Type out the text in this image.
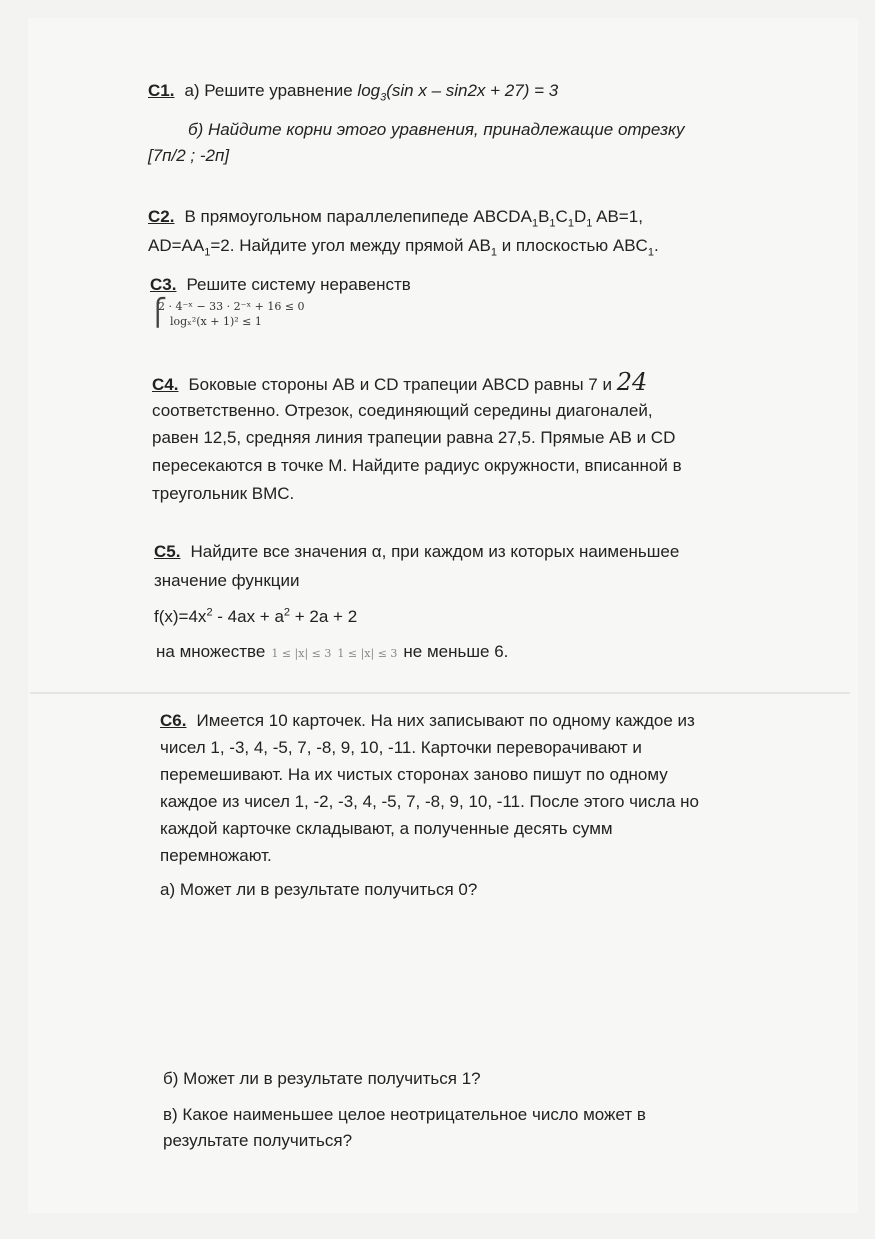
С1. а) Решите уравнение $\log_3(\sin$ x – sin2x + 27) = 3
б) Найдите корни этого уравнения, принадлежащие отрезку
[7п/2 ; -2п]
С2. В прямоугольном параллелепипеде $ABCDA_1B_1C_1D_1$ AB=1,
$AD=AA_1=2$. Найдите угол между прямой $AB_1$ и плоскостью $ABC_1$.
С3. Решите систему неравенств
⎧
2 · 4⁻ˣ − 33 · 2⁻ˣ + 16 ≤ 0
logₓ²(x + 1)² ≤ 1
С4. Боковые стороны AB и CD трапеции ABCD равны 7 и 24
соответственно. Отрезок, соединяющий середины диагоналей,
равен 12,5, средняя линия трапеции равна 27,5. Прямые AB и CD
пересекаются в точке М. Найдите радиус окружности, вписанной в
треугольник BMC.
С5. Найдите все значения α, при каждом из которых наименьшее
значение функции
$f(x)=4x^2 - 4ax + a^2 + 2a + 2$
на множестве 1 ≤ |x| ≤ 3 1 ≤ |x| ≤ 3 не меньше 6.
С6. Имеется 10 карточек. На них записывают по одному каждое из
чисел 1, -3, 4, -5, 7, -8, 9, 10, -11. Карточки переворачивают и
перемешивают. На их чистых сторонах заново пишут по одному
каждое из чисел 1, -2, -3, 4, -5, 7, -8, 9, 10, -11. После этого числа но
каждой карточке складывают, а полученные десять сумм
перемножают.
а) Может ли в результате получиться 0?
б) Может ли в результате получиться 1?
в) Какое наименьшее целое неотрицательное число может в
результате получиться?
